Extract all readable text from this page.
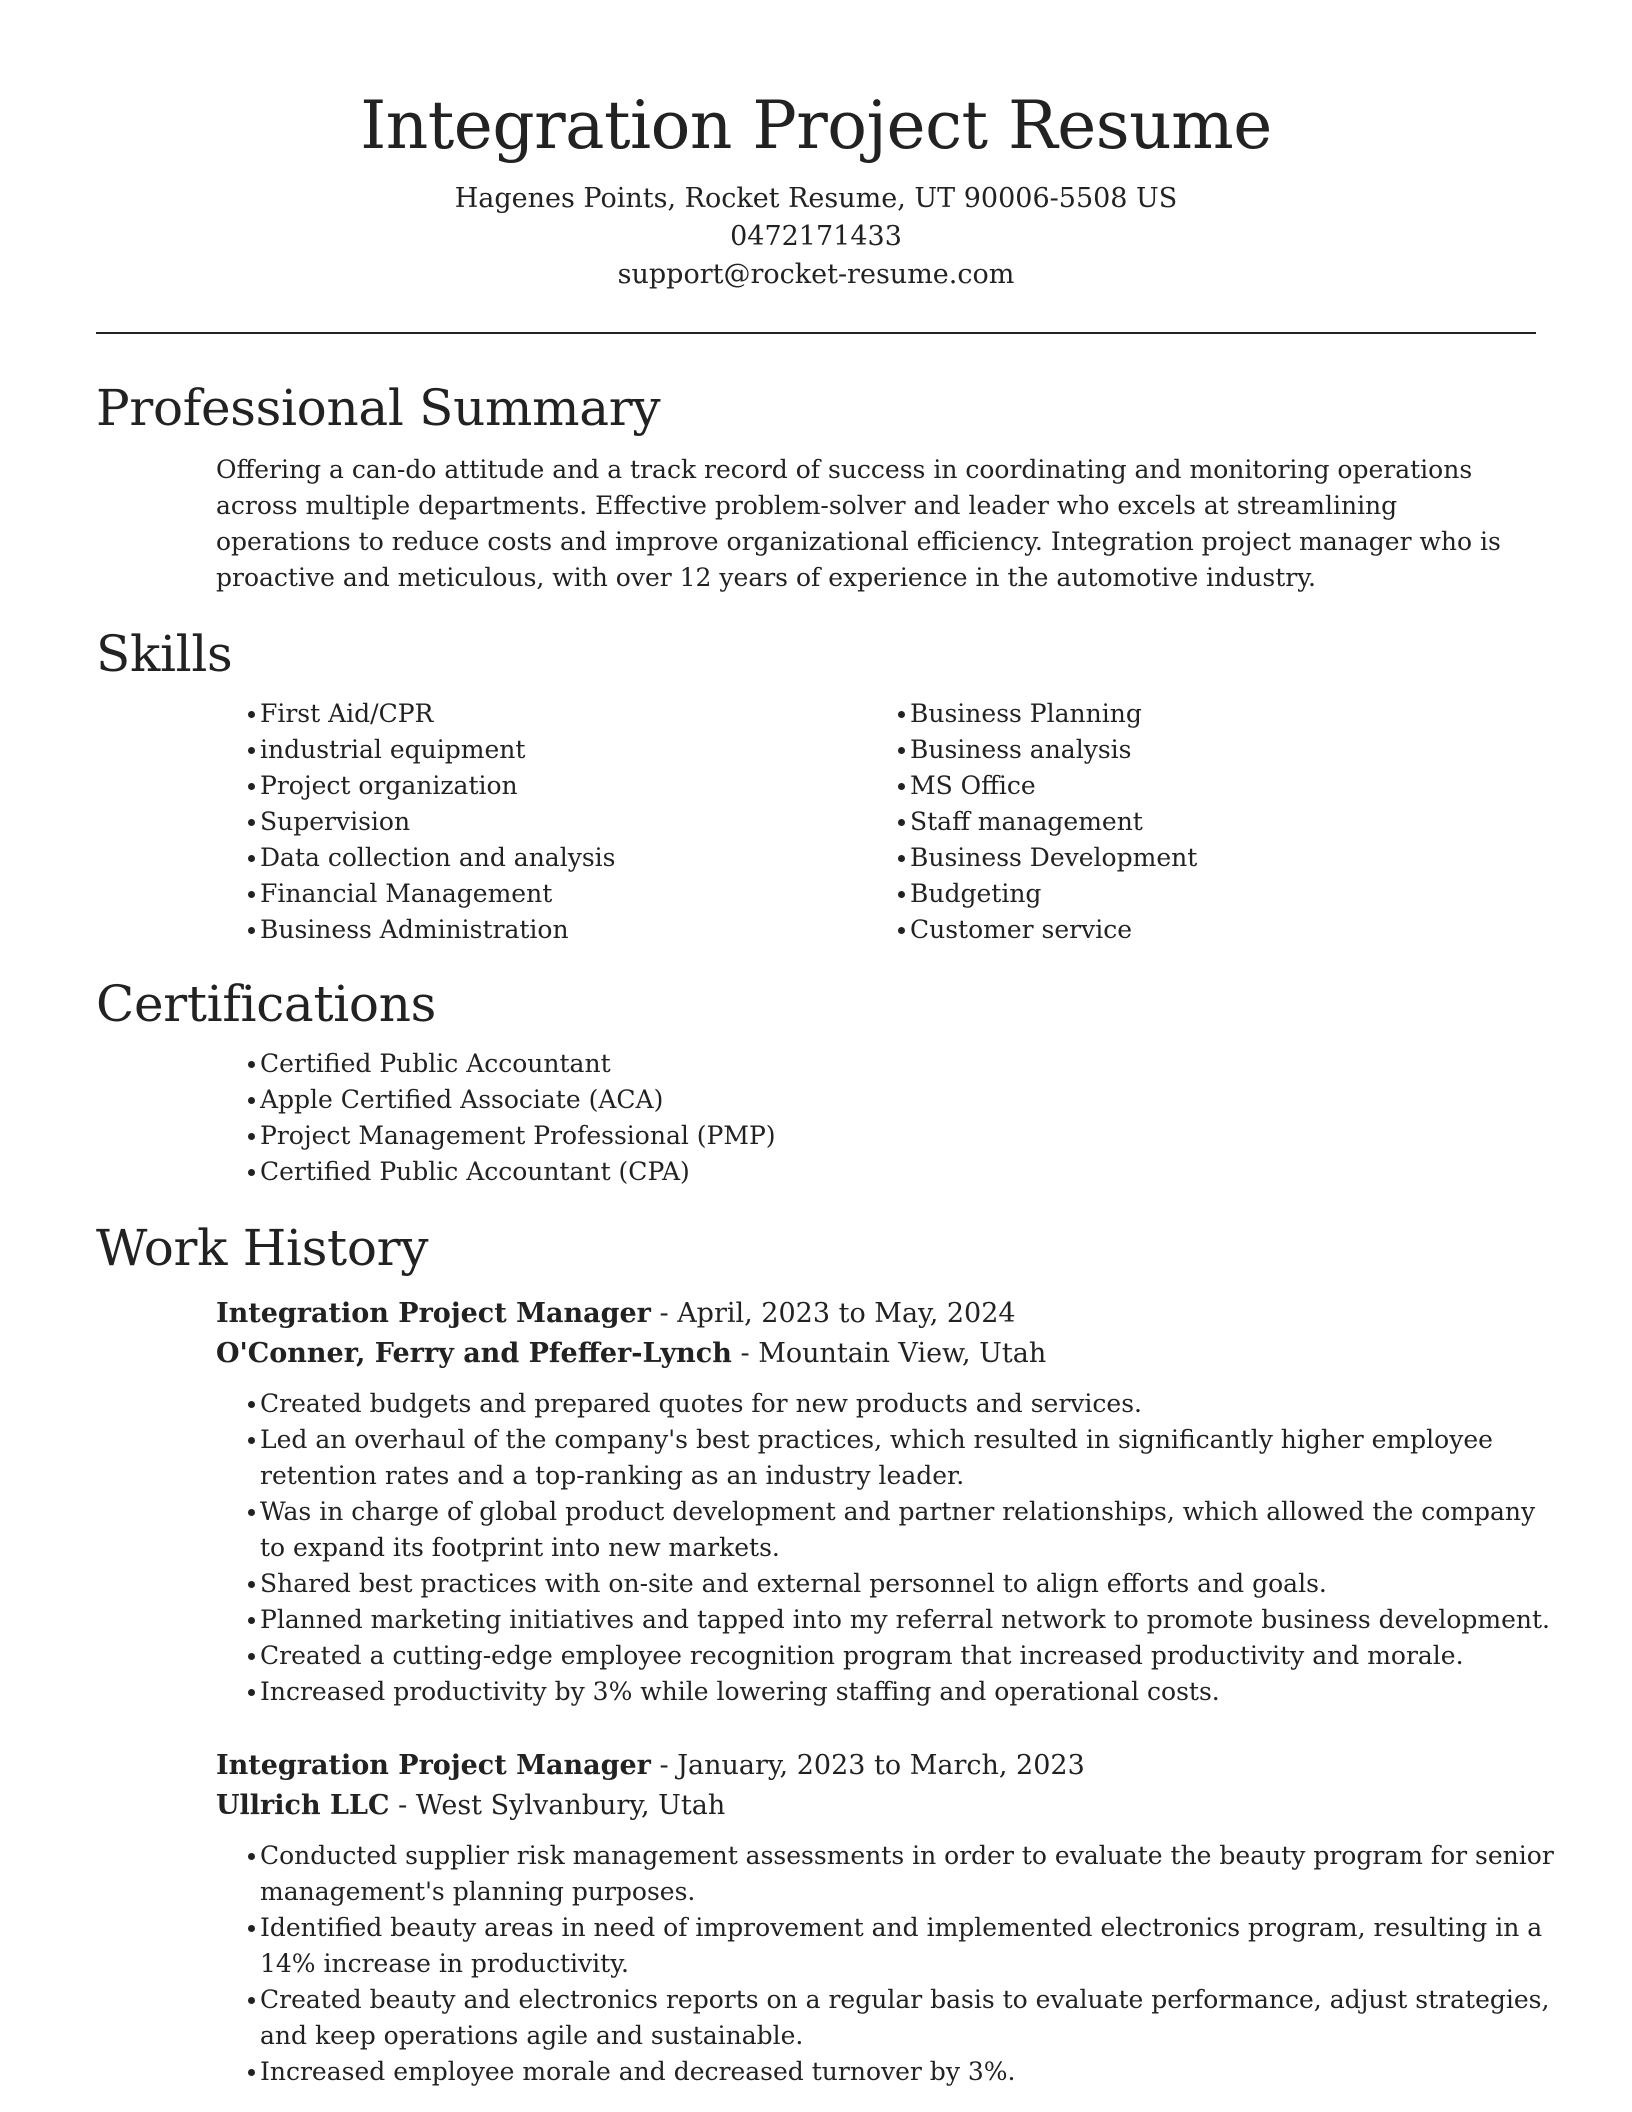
Integration Project Resume
Hagenes Points, Rocket Resume, UT 90006-5508 US
0472171433
support@rocket-resume.com
Professional Summary
Offering a can-do attitude and a track record of success in coordinating and monitoring operations across multiple departments. Effective problem-solver and leader who excels at streamlining operations to reduce costs and improve organizational efficiency. Integration project manager who is proactive and meticulous, with over 12 years of experience in the automotive industry.
Skills
First Aid/CPR
industrial equipment
Project organization
Supervision
Data collection and analysis
Financial Management
Business Administration
Business Planning
Business analysis
MS Office
Staff management
Business Development
Budgeting
Customer service
Certifications
Certified Public Accountant
Apple Certified Associate (ACA)
Project Management Professional (PMP)
Certified Public Accountant (CPA)
Work History
Integration Project Manager - April, 2023 to May, 2024
O'Conner, Ferry and Pfeffer-Lynch - Mountain View, Utah
Created budgets and prepared quotes for new products and services.
Led an overhaul of the company's best practices, which resulted in significantly higher employee retention rates and a top-ranking as an industry leader.
Was in charge of global product development and partner relationships, which allowed the company to expand its footprint into new markets.
Shared best practices with on-site and external personnel to align efforts and goals.
Planned marketing initiatives and tapped into my referral network to promote business development.
Created a cutting-edge employee recognition program that increased productivity and morale.
Increased productivity by 3% while lowering staffing and operational costs.
Integration Project Manager - January, 2023 to March, 2023
Ullrich LLC - West Sylvanbury, Utah
Conducted supplier risk management assessments in order to evaluate the beauty program for senior management's planning purposes.
Identified beauty areas in need of improvement and implemented electronics program, resulting in a 14% increase in productivity.
Created beauty and electronics reports on a regular basis to evaluate performance, adjust strategies, and keep operations agile and sustainable.
Increased employee morale and decreased turnover by 3%.
